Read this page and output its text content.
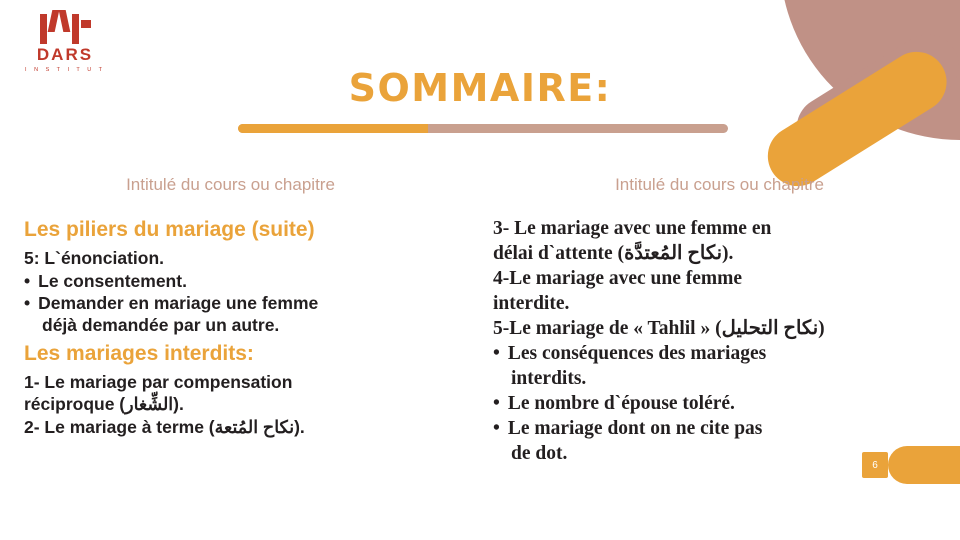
6
DARS
I N S T I T U T	SOMMAIRE:
Intitulé du cours ou chapitre
Les piliers du mariage (suite)
5: L`énonciation.
• Le consentement.
• Demander en mariage une femme
déjà demandée par un autre.
Les mariages interdits:
1- Le mariage par compensation
réciproque (الشِّغار).
2- Le mariage à terme (نكاح المُتعة).
Intitulé du cours ou chapitre
3- Le mariage avec une femme en
délai d`attente (نكاح المُعتدَّة).
4-Le mariage avec une femme
interdite.
5-Le mariage de « Tahlil » (نكاح التحليل)
• Les conséquences des mariages
interdits.
• Le nombre d`épouse toléré.
• Le mariage dont on ne cite pas
de dot.
